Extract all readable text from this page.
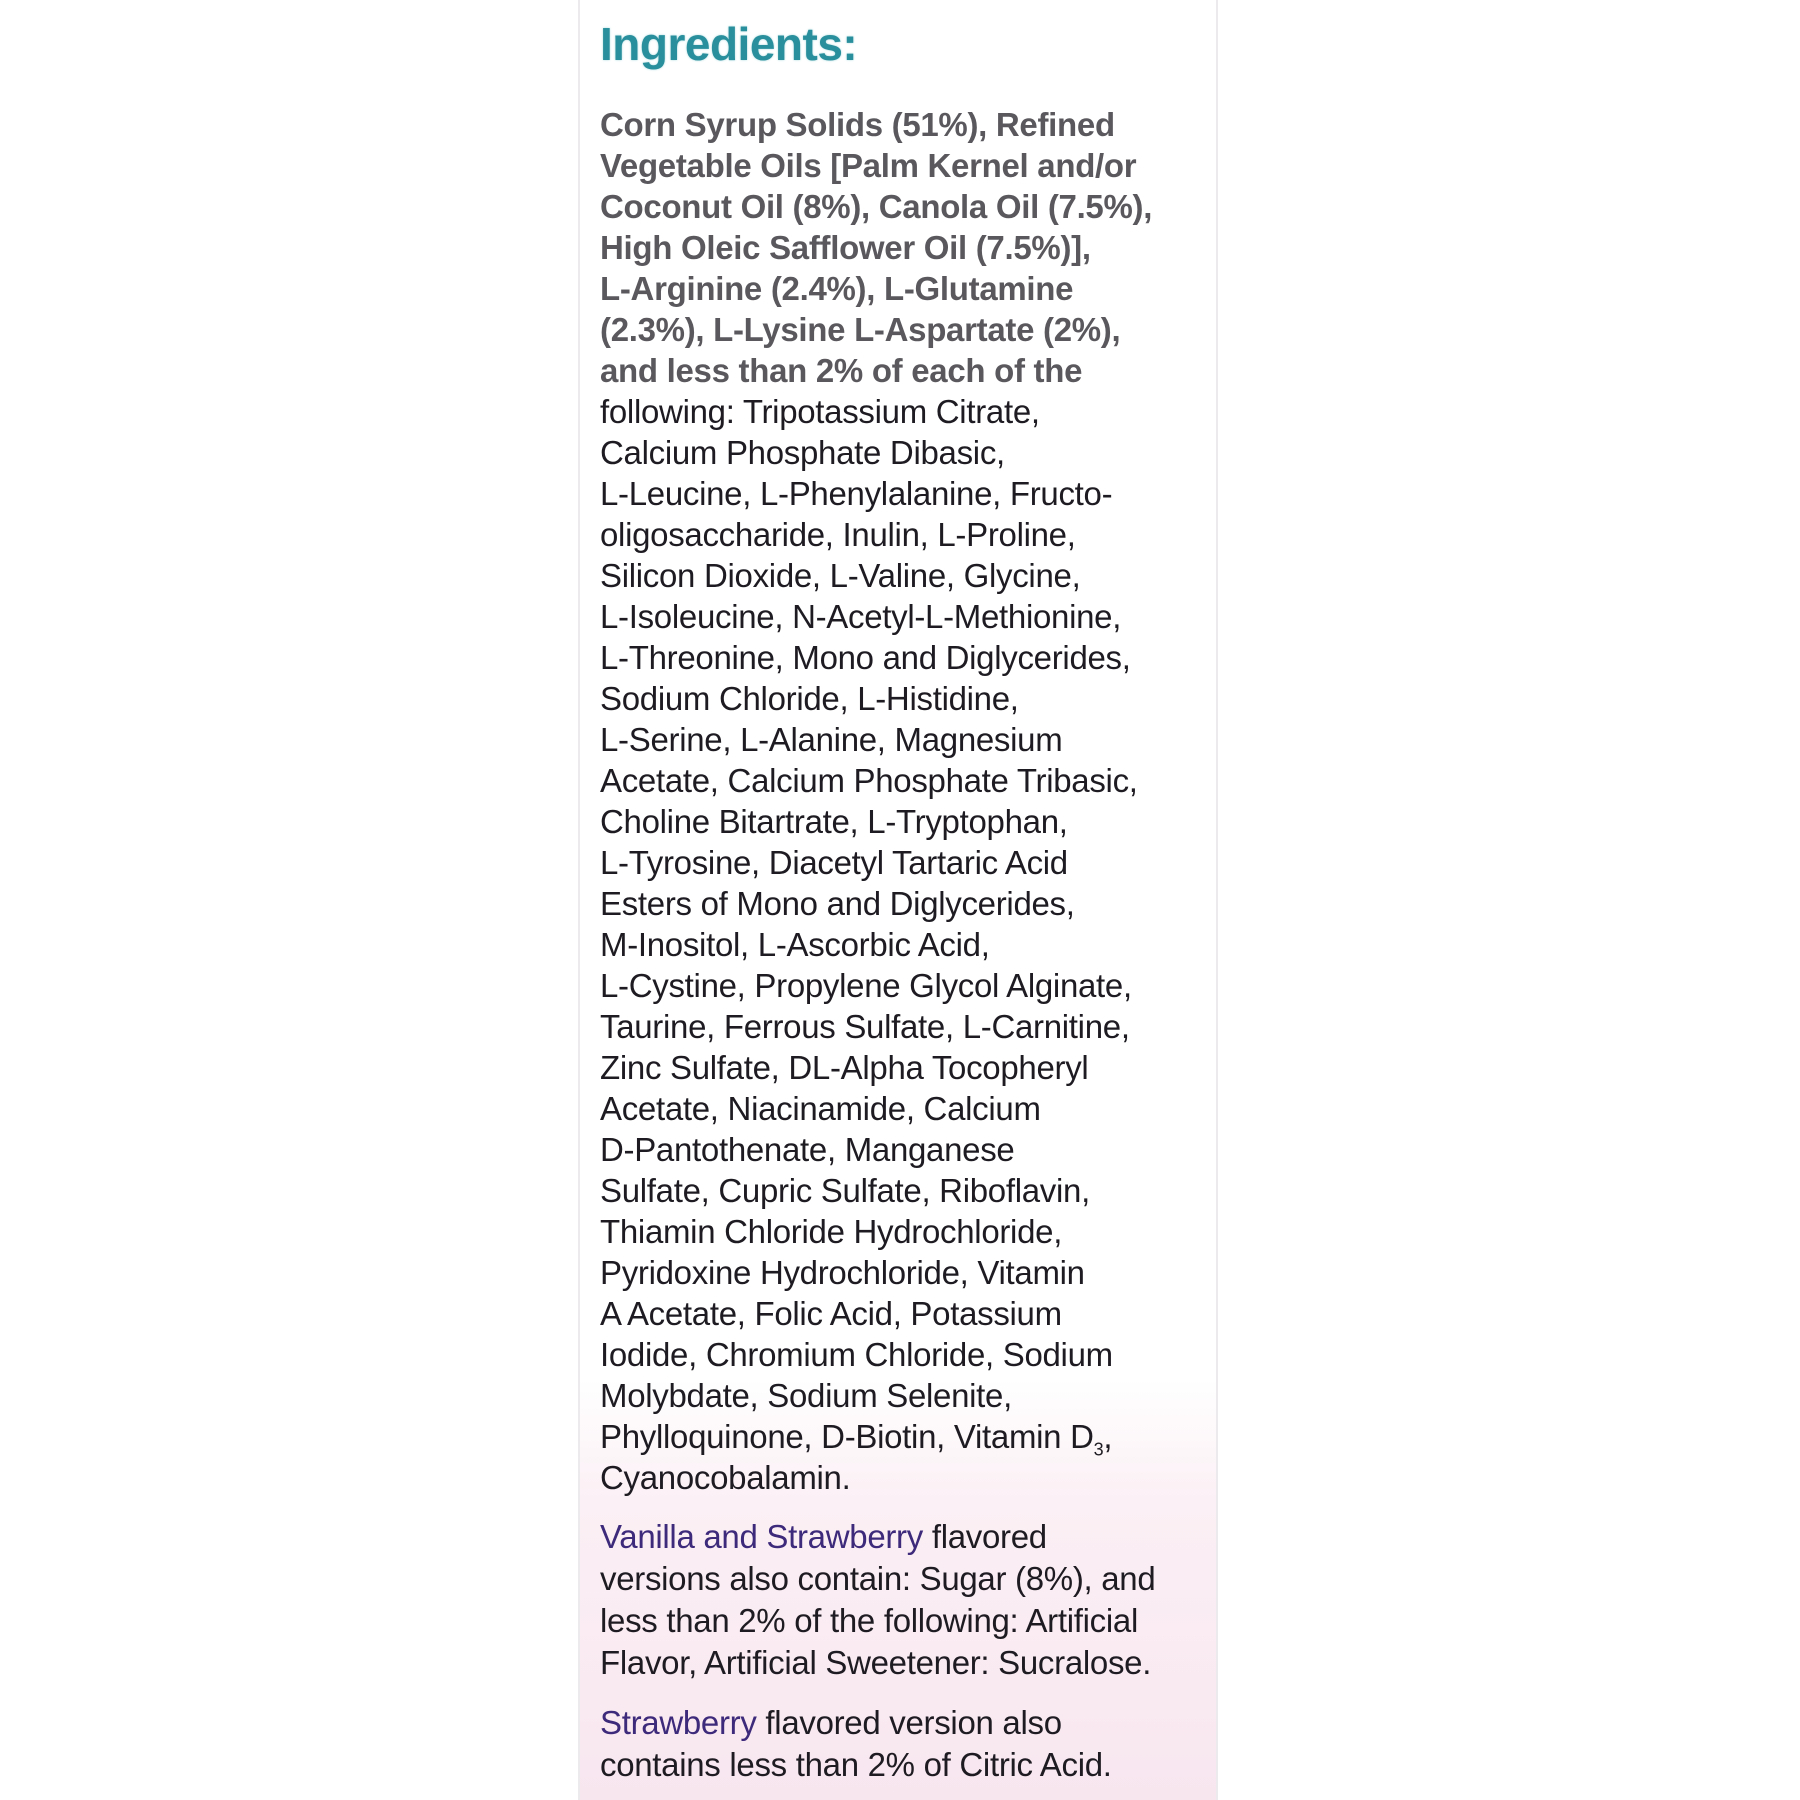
Ingredients:
Corn Syrup Solids (51%), Refined
Vegetable Oils [Palm Kernel and/or
Coconut Oil (8%), Canola Oil (7.5%),
High Oleic Safflower Oil (7.5%)],
L-Arginine (2.4%), L-Glutamine
(2.3%), L-Lysine L-Aspartate (2%),
and less than 2% of each of the
following: Tripotassium Citrate,
Calcium Phosphate Dibasic,
L-Leucine, L-Phenylalanine, Fructo-
oligosaccharide, Inulin, L-Proline,
Silicon Dioxide, L-Valine, Glycine,
L-Isoleucine, N-Acetyl-L-Methionine,
L-Threonine, Mono and Diglycerides,
Sodium Chloride, L-Histidine,
L-Serine, L-Alanine, Magnesium
Acetate, Calcium Phosphate Tribasic,
Choline Bitartrate, L-Tryptophan,
L-Tyrosine, Diacetyl Tartaric Acid
Esters of Mono and Diglycerides,
M-Inositol, L-Ascorbic Acid,
L-Cystine, Propylene Glycol Alginate,
Taurine, Ferrous Sulfate, L-Carnitine,
Zinc Sulfate, DL-Alpha Tocopheryl
Acetate, Niacinamide, Calcium
D-Pantothenate, Manganese
Sulfate, Cupric Sulfate, Riboflavin,
Thiamin Chloride Hydrochloride,
Pyridoxine Hydrochloride, Vitamin
A Acetate, Folic Acid, Potassium
Iodide, Chromium Chloride, Sodium
Molybdate, Sodium Selenite,
Phylloquinone, D-Biotin, Vitamin $D_3$,
Cyanocobalamin.
Vanilla and Strawberry flavored
versions also contain: Sugar (8%), and
less than 2% of the following: Artificial
Flavor, Artificial Sweetener: Sucralose.
Strawberry flavored version also
contains less than 2% of Citric Acid.
